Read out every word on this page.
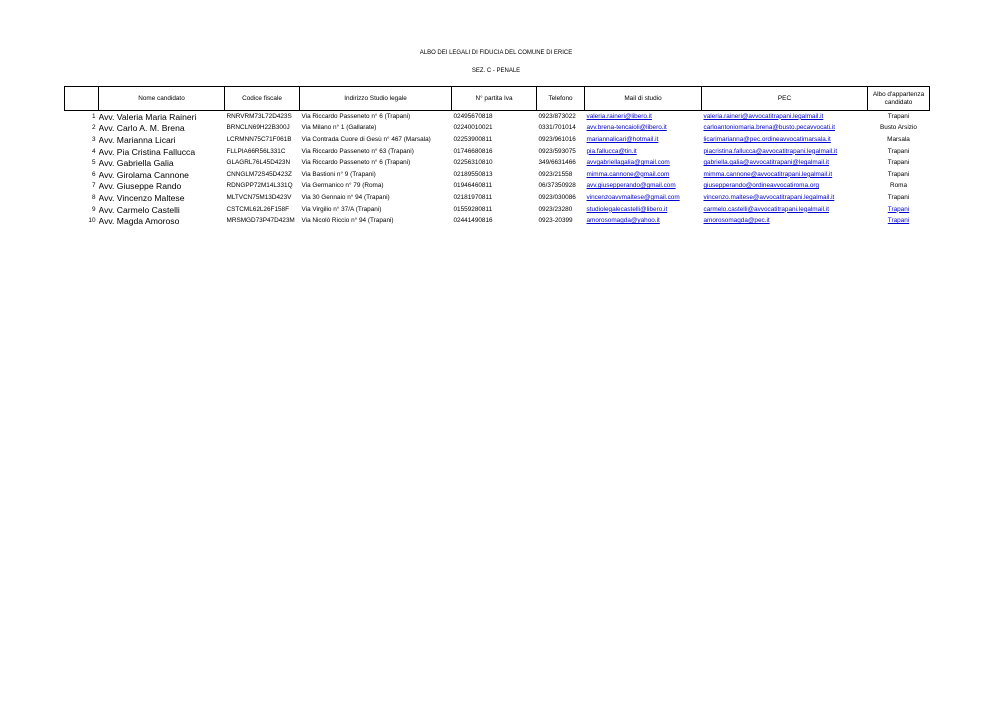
ALBO DEI LEGALI DI FIDUCIA DEL COMUNE DI ERICE
SEZ. C - PENALE
	Nome candidato	Codice fiscale	Indirizzo Studio legale	N° partita Iva	Telefono	Mail di studio	PEC	Albo d'appartenza candidato
1	Avv. Valeria Maria Raineri	RNRVRM73L72D423S	Via Riccardo Passeneto n° 6 (Trapani)	02495670818	0923/873022	valeria.raineri@libero.it	valeria.raineri@avvocatitrapani.legalmail.it	Trapani
2	Avv. Carlo A. M. Brena	BRNCLN69H22B300J	Via Milano n° 1 (Gallarate)	02240010021	0331/701014	avv.brena-tencaioli@libero.it	carloantoniomaria.brena@busto.pecavvocati.it	Busto Arsizio
3	Avv. Marianna Licari	LCRMNN75C71F061B	Via Contrada Cuore di Gesù n° 467 (Marsala)	02253900811	0923/961016	mariannalicari@hotmail.it	licarimarianna@pec.ordineavvocatimarsala.it	Marsala
4	Avv. Pia Cristina Fallucca	FLLPIA66R56L331C	Via Riccardo Passeneto n° 63 (Trapani)	01746680816	0923/593075	pia.fallucca@tin.it	piacristina.fallucca@avvocatitrapani.legalmail.it	Trapani
5	Avv. Gabriella Galia	GLAGRL76L45D423N	Via Riccardo Passeneto n° 6 (Trapani)	02256310810	349/6631466	avvgabriellagalia@gmail.com	gabriella.galia@avvocatitrapani@legalmail.it	Trapani
6	Avv. Girolama Cannone	CNNGLM72S45D423Z	Via Bastioni n° 9 (Trapani)	02189550813	0923/21558	mimma.cannone@gmail.com	mimma.cannone@avvocatitrapani.legalmail.it	Trapani
7	Avv. Giuseppe Rando	RDNGPP72M14L331Q	Via Germanico n° 79 (Roma)	01946460811	06/37350928	avv.giusepperando@gmail.com	giusepperando@ordineavvocatiroma.org	Roma
8	Avv. Vincenzo Maltese	MLTVCN75M13D423V	Via 30 Gennaio n° 94 (Trapani)	02181970811	0923/030086	vincenzoavvmaltese@gmail.com	vincenzo.maltese@avvocatitrapani.legalmail.it	Trapani
9	Avv. Carmelo Castelli	CSTCML62L26F158F	Via Virgilio n° 37/A (Trapani)	01559280811	0923/23280	studiolegalecastelli@libero.it	carmelo.castelli@avvocatitrapani.legalmail.it	Trapani
10	Avv. Magda Amoroso	MRSMGD73P47D423M	Via Nicolò Riccio n° 94 (Trapani)	02441490816	0923-20399	amorosomagda@yahoo.it	amorosomagda@pec.it	Trapani
